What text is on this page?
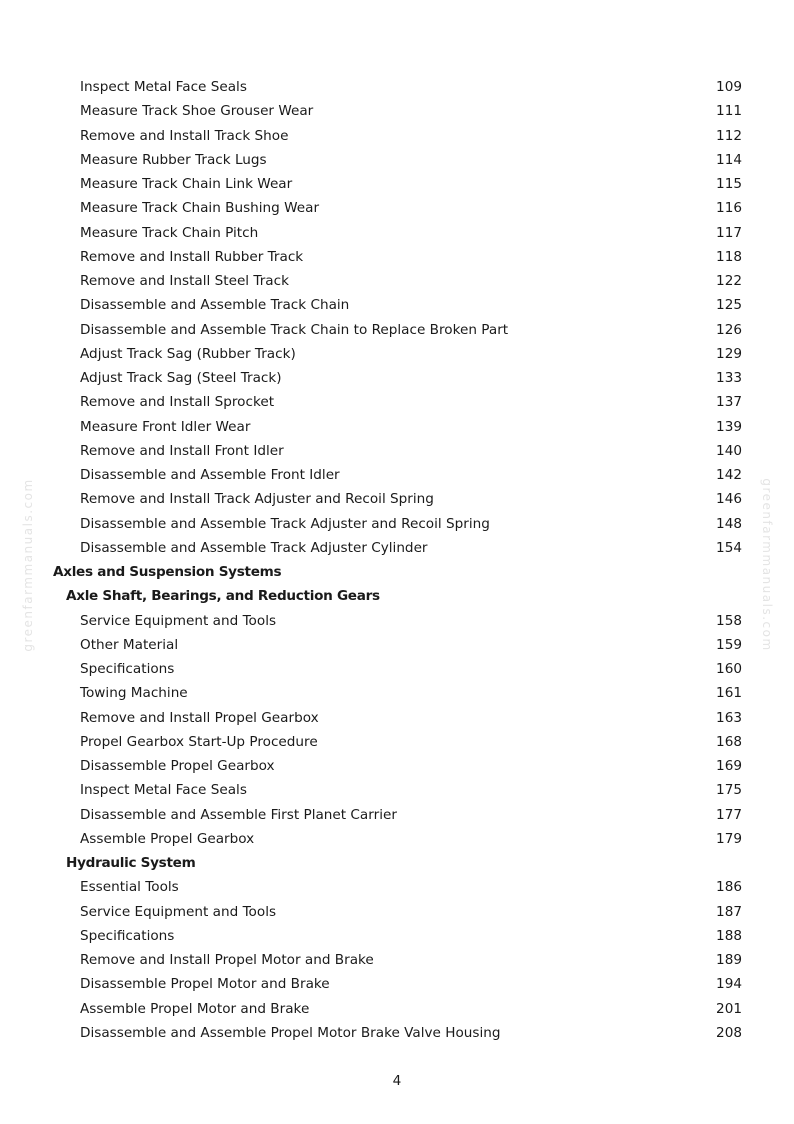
greenfarmmanuals.com	greenfarmmanuals.com
Inspect Metal Face Seals	109
Measure Track Shoe Grouser Wear	111
Remove and Install Track Shoe	112
Measure Rubber Track Lugs	114
Measure Track Chain Link Wear	115
Measure Track Chain Bushing Wear	116
Measure Track Chain Pitch	117
Remove and Install Rubber Track	118
Remove and Install Steel Track	122
Disassemble and Assemble Track Chain	125
Disassemble and Assemble Track Chain to Replace Broken Part	126
Adjust Track Sag (Rubber Track)	129
Adjust Track Sag (Steel Track)	133
Remove and Install Sprocket	137
Measure Front Idler Wear	139
Remove and Install Front Idler	140
Disassemble and Assemble Front Idler	142
Remove and Install Track Adjuster and Recoil Spring	146
Disassemble and Assemble Track Adjuster and Recoil Spring	148
Disassemble and Assemble Track Adjuster Cylinder	154
Axles and Suspension Systems
Axle Shaft, Bearings, and Reduction Gears
Service Equipment and Tools	158
Other Material	159
Specifications	160
Towing Machine	161
Remove and Install Propel Gearbox	163
Propel Gearbox Start-Up Procedure	168
Disassemble Propel Gearbox	169
Inspect Metal Face Seals	175
Disassemble and Assemble First Planet Carrier	177
Assemble Propel Gearbox	179
Hydraulic System
Essential Tools	186
Service Equipment and Tools	187
Specifications	188
Remove and Install Propel Motor and Brake	189
Disassemble Propel Motor and Brake	194
Assemble Propel Motor and Brake	201
Disassemble and Assemble Propel Motor Brake Valve Housing	208
4
